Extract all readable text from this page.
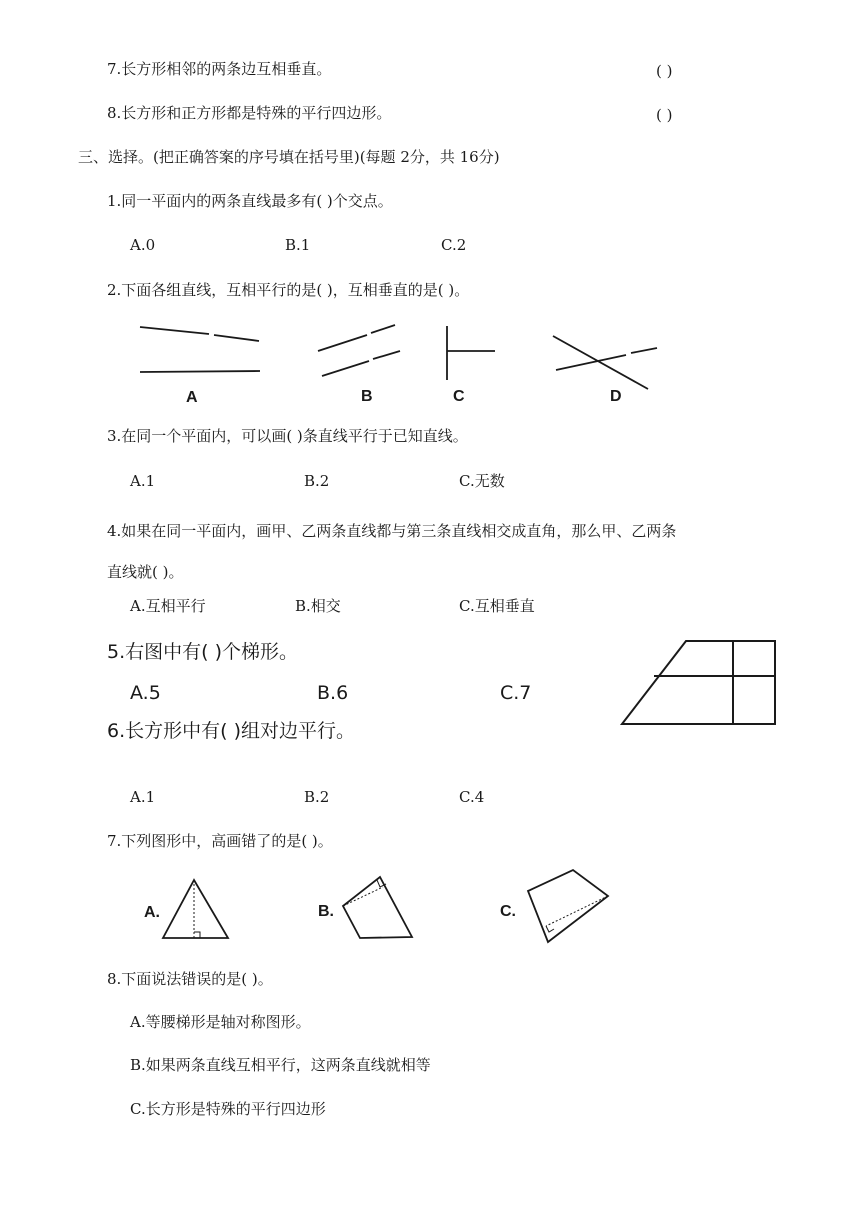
7.长方形相邻的两条边互相垂直。	( )
8.长方形和正方形都是特殊的平行四边形。	( )
三、选择。(把正确答案的序号填在括号里)(每题 2分，共 16分)
1.同一平面内的两条直线最多有( )个交点。
A.0	B.1	C.2
2.下面各组直线，互相平行的是( )，互相垂直的是( )。
A	B	C	D
3.在同一个平面内，可以画( )条直线平行于已知直线。
A.1	B.2	C.无数
4.如果在同一平面内，画甲、乙两条直线都与第三条直线相交成直角，那么甲、乙两条
直线就( )。
A.互相平行	B.相交	C.互相垂直
5.右图中有( )个梯形。
A.5	B.6	C.7
6.长方形中有( )组对边平行。
A.1	B.2	C.4
7.下列图形中，高画错了的是( )。
A.	B.	C.
8.下面说法错误的是( )。
A.等腰梯形是轴对称图形。
B.如果两条直线互相平行，这两条直线就相等
C.长方形是特殊的平行四边形
